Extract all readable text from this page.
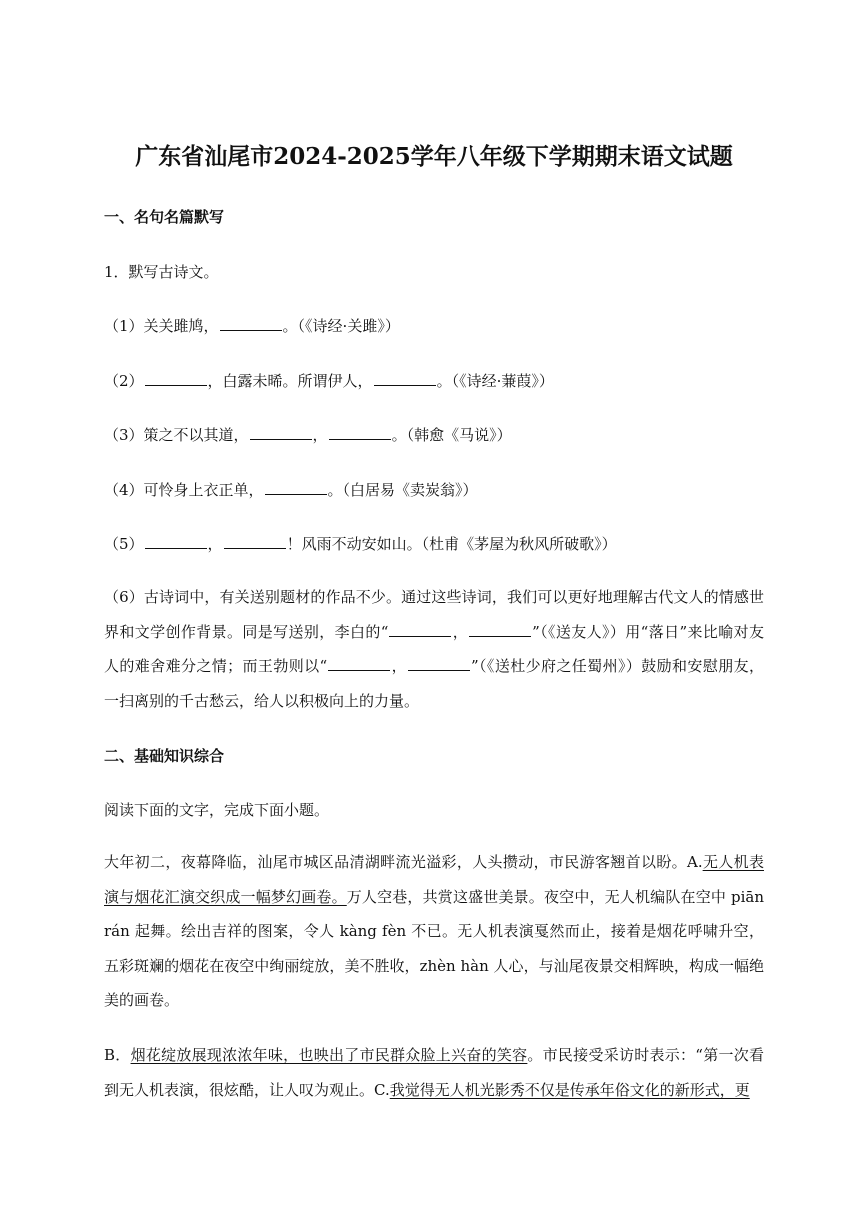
广东省汕尾市2024-2025学年八年级下学期期末语文试题
一、名句名篇默写
1．默写古诗文。
（1）关关雎鸠，	。（《诗经·关雎》）
（2）	，白露未晞。所谓伊人，	。（《诗经·蒹葭》）
（3）策之不以其道，	，	。（韩愈《马说》）
（4）可怜身上衣正单，	。（白居易《卖炭翁》）
（5）	，	！风雨不动安如山。（杜甫《茅屋为秋风所破歌》）
（6）古诗词中，有关送别题材的作品不少。通过这些诗词，我们可以更好地理解古代文人的情感世界和文学创作背景。同是写送别，李白的“	，	”（《送友人》）用“落日”来比喻对友人的难舍难分之情；而王勃则以“	，	”（《送杜少府之任蜀州》）鼓励和安慰朋友，一扫离别的千古愁云，给人以积极向上的力量。
二、基础知识综合
阅读下面的文字，完成下面小题。
大年初二，夜幕降临，汕尾市城区品清湖畔流光溢彩，人头攒动，市民游客翘首以盼。A.无人机表演与烟花汇演交织成一幅梦幻画卷。万人空巷，共赏这盛世美景。夜空中，无人机编队在空中 piān rán 起舞。绘出吉祥的图案，令人 kàng fèn 不已。无人机表演戛然而止，接着是烟花呼啸升空，五彩斑斓的烟花在夜空中绚丽绽放，美不胜收，zhèn hàn 人心，与汕尾夜景交相辉映，构成一幅绝美的画卷。
B．烟花绽放展现浓浓年味，也映出了市民群众脸上兴奋的笑容。市民接受采访时表示：“第一次看到无人机表演，很炫酷，让人叹为观止。C.我觉得无人机光影秀不仅是传承年俗文化的新形式，更
